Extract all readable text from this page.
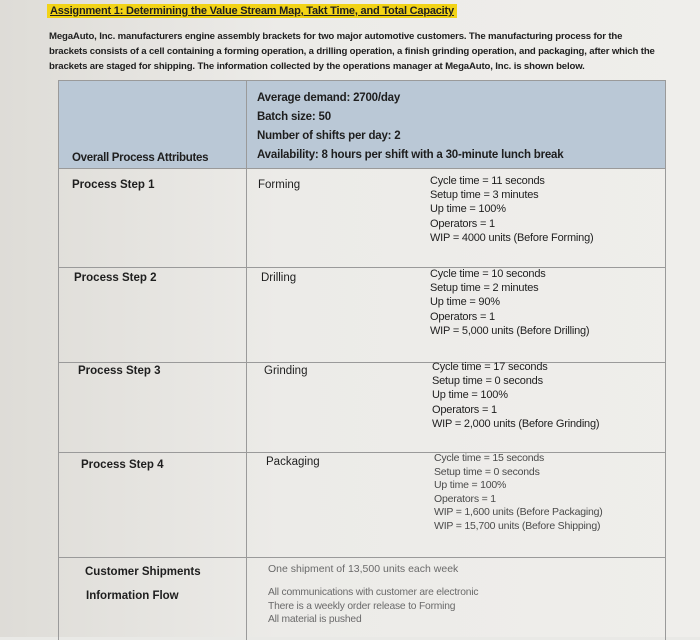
Assignment 1: Determining the Value Stream Map, Takt Time, and Total Capacity
MegaAuto, Inc. manufacturers engine assembly brackets for two major automotive customers. The manufacturing process for the brackets consists of a cell containing a forming operation, a drilling operation, a finish grinding operation, and packaging, after which the brackets are staged for shipping. The information collected by the operations manager at MegaAuto, Inc. is shown below.
Overall Process Attributes
Average demand: 2700/day
Batch size: 50
Number of shifts per day: 2
Availability: 8 hours per shift with a 30-minute lunch break
Process Step 1	Forming	Cycle time = 11 seconds
Setup time = 3 minutes
Up time = 100%
Operators = 1
WIP = 4000 units (Before Forming)
Process Step 2	Drilling	Cycle time = 10 seconds
Setup time = 2 minutes
Up time = 90%
Operators = 1
WIP = 5,000 units (Before Drilling)
Process Step 3	Grinding	Cycle time = 17 seconds
Setup time = 0 seconds
Up time = 100%
Operators = 1
WIP = 2,000 units (Before Grinding)
Process Step 4	Packaging	Cycle time = 15 seconds
Setup time = 0 seconds
Up time = 100%
Operators = 1
WIP = 1,600 units (Before Packaging)
WIP = 15,700 units (Before Shipping)
Customer Shipments	One shipment of 13,500 units each week
Information Flow	All communications with customer are electronic
There is a weekly order release to Forming
All material is pushed
